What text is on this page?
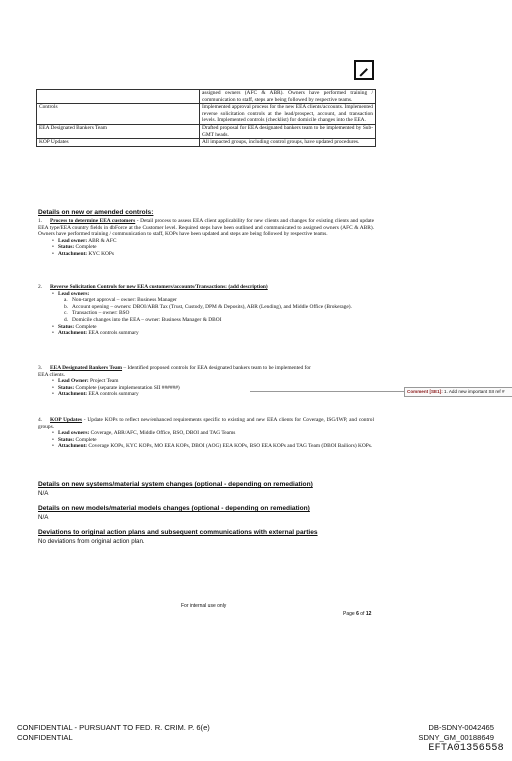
	assigned owners (AFC & ABR). Owners have performed training / communication to staff, steps are being followed by respective teams.
Controls	Implemented approval process for the new EEA clients/accounts. Implemented reverse solicitation controls at the lead/prospect, account, and transaction levels. Implemented controls (checklist) for domicile changes into the EEA.
EEA Designated Bankers Team	Drafted proposal for EEA designated bankers team to be implemented by Sub-GMT heads.
KOP Updates	All impacted groups, including control groups, have updated procedures.
Details on new or amended controls:

1. Process to determine EEA customers - Detail process to assess EEA client applicability for new clients and changes for existing clients and update EEA type/EEA country fields in dbForce at the Customer level. Required steps have been outlined and communicated to assigned owners (AFC & ABR). Owners have performed training / communication to staff, KOPs have been updated and steps are being followed by respective teams.

• Lead owner: ABR & AFC

• Status: Complete

• Attachment: KYC KOPs

2. Reverse Solicitation Controls for new EEA customers/accounts/Transactions: (add description)

• Lead owners:

a. Non-target approval – owner: Business Manager

b. Account opening – owners: DBOI/ABR Tax (Trust, Custody, DPM & Deposits), ABR (Lending), and Middle Office (Brokerage).

c. Transaction – owner: BSO

d. Domicile changes into the EEA – owner: Business Manager & DBOI

• Status: Complete

• Attachment: EEA controls summary

3. EEA Designated Bankers Team – Identified proposed controls for EEA designated bankers team to be implemented for EEA clients.

• Lead Owner: Project Team

• Status: Complete (separate implementation SII ######)

• Attachment: EEA controls summary	Comment [SE1]: 1. Add new important SII ref #

4. KOP Updates - Update KOPs to reflect new/enhanced requirements specific to existing and new EEA clients for Coverage, ISG/IWP, and control groups.

• Lead owners: Coverage, ABR/AFC, Middle Office, BSO, DBOI and TAG Teams

• Status: Complete

• Attachment: Coverage KOPs, KYC KOPs, MO EEA KOPs, DBOI (AOG) EEA KOPs, BSO EEA KOPs and TAG Team (DBOI Bailiors) KOPs.

Details on new systems/material system changes (optional - depending on remediation)
N/A
Details on new models/material models changes (optional - depending on remediation)
N/A
Deviations to original action plans and subsequent communications with external parties
No deviations from original action plan.
For internal use only
Page 6 of 12
CONFIDENTIAL - PURSUANT TO FED. R. CRIM. P. 6(e)
CONFIDENTIAL
DB-SDNY-0042465
SDNY_GM_00188649
EFTA01356558
